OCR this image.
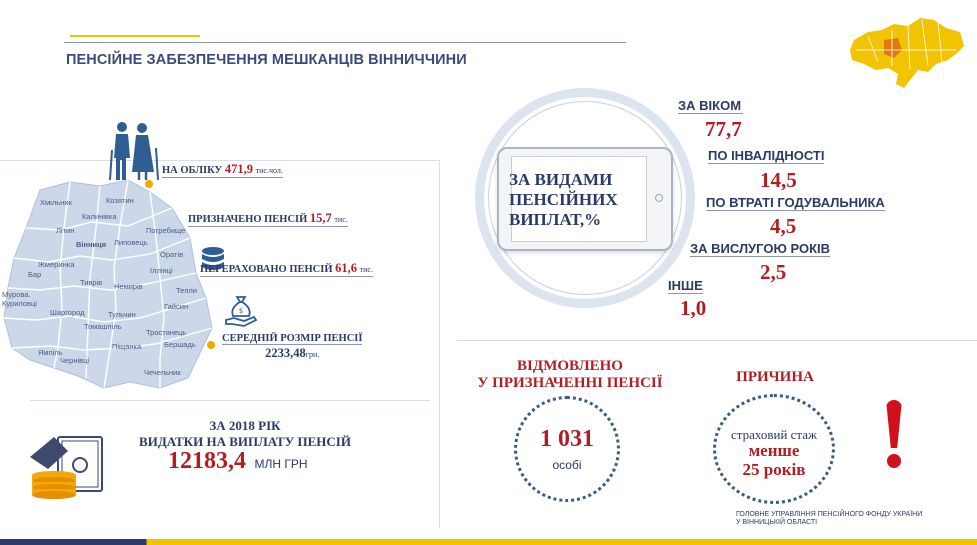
ПЕНСІЙНЕ ЗАБЕЗПЕЧЕННЯ МЕШКАНЦІВ ВІННИЧЧИНИ
Хмільник	Козятин
Калинівка
Літин
Вінниця Липовець
Погребище
Бар
Жмеринка
Тиврів Немирів
Іллінці
Оратів
Мурова. Куриловці
Шаргород	Тульчин
Гайсин
Тепли
Чернівці
Томашпіль
Тростянець
Бершадь
Ямпіль
Піщанка
Чечельник
НА ОБЛІКУ 471,9 тис.чол.
ПРИЗНАЧЕНО ПЕНСІЙ 15,7 тис.
ПЕРЕРАХОВАНО ПЕНСІЙ 61,6 тис.
$
СЕРЕДНІЙ РОЗМІР ПЕНСІЇ
2233,48грн.
ЗА 2018 РІК
ВИДАТКИ НА ВИПЛАТУ ПЕНСІЙ
12183,4 МЛН ГРН
ЗА ВИДАМИ ПЕНСІЙНИХ ВИПЛАТ,%
ЗА ВІКОМ
77,7
ПО ІНВАЛІДНОСТІ
14,5
ПО ВТРАТІ ГОДУВАЛЬНИКА
4,5
ЗА ВИСЛУГОЮ РОКІВ
2,5
ІНШЕ
1,0
ВІДМОВЛЕНО
У ПРИЗНАЧЕННІ ПЕНСІЇ
1 031
особі
ПРИЧИНА
страховий стаж
менше
25 років
ГОЛОВНЕ УПРАВЛІННЯ ПЕНСІЙНОГО ФОНДУ УКРАЇНИ
У ВІННИЦЬКІЙ ОБЛАСТІ
